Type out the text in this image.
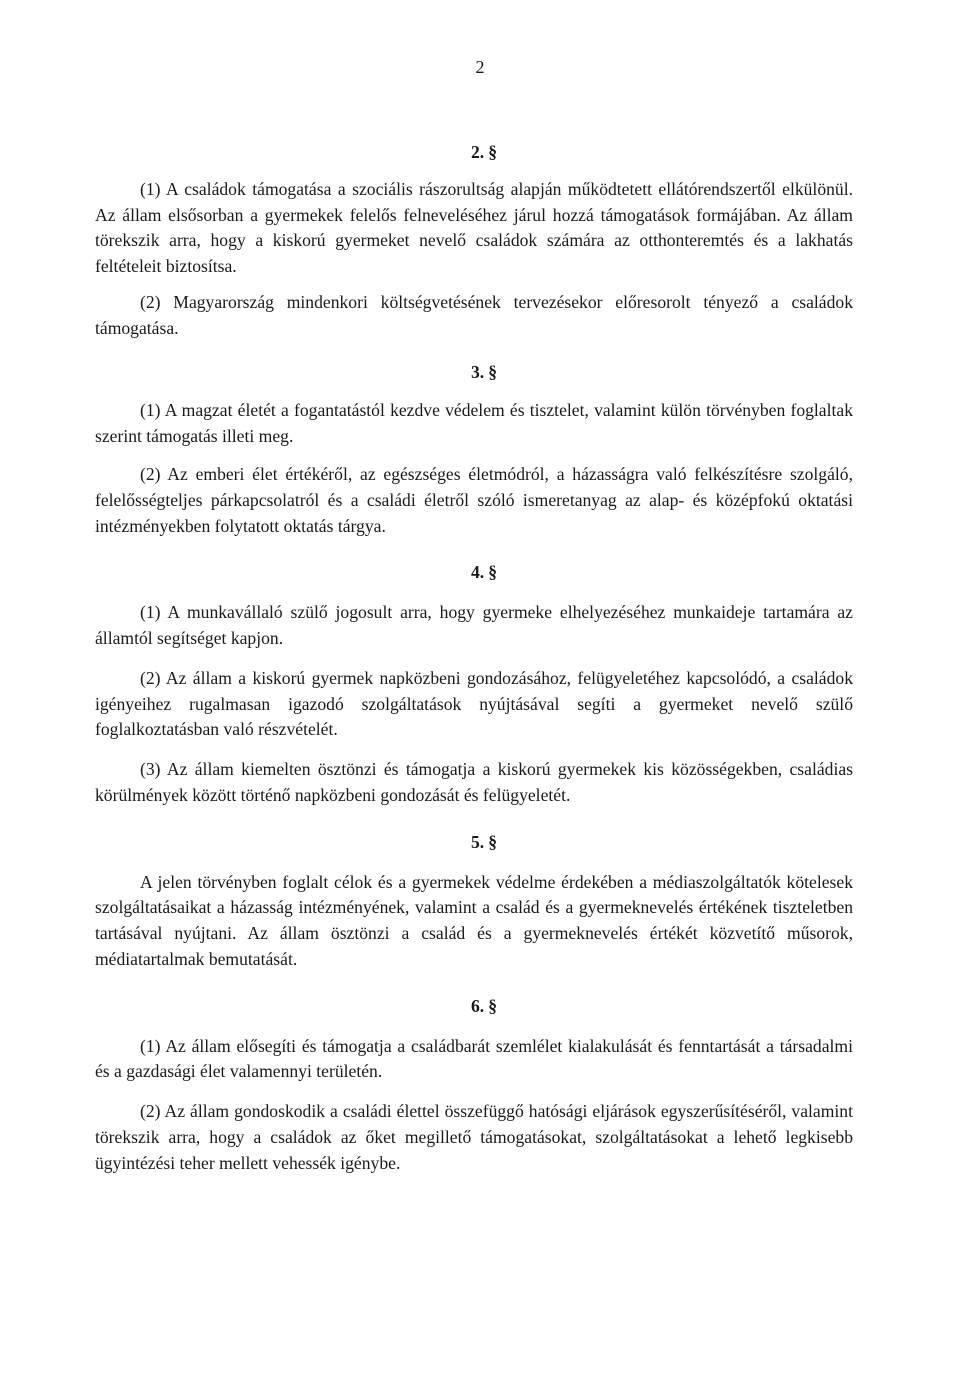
2
2. §

(1) A családok támogatása a szociális rászorultság alapján működtetett ellátórendszertől elkülönül. Az állam elsősorban a gyermekek felelős felneveléséhez járul hozzá támogatások formájában. Az állam törekszik arra, hogy a kiskorú gyermeket nevelő családok számára az otthonteremtés és a lakhatás feltételeit biztosítsa.

(2) Magyarország mindenkori költségvetésének tervezésekor előresorolt tényező a családok támogatása.

3. §

(1) A magzat életét a fogantatástól kezdve védelem és tisztelet, valamint külön törvényben foglaltak szerint támogatás illeti meg.

(2) Az emberi élet értékéről, az egészséges életmódról, a házasságra való felkészítésre szolgáló, felelősségteljes párkapcsolatról és a családi életről szóló ismeretanyag az alap- és középfokú oktatási intézményekben folytatott oktatás tárgya.

4. §

(1) A munkavállaló szülő jogosult arra, hogy gyermeke elhelyezéséhez munkaideje tartamára az államtól segítséget kapjon.

(2) Az állam a kiskorú gyermek napközbeni gondozásához, felügyeletéhez kapcsolódó, a családok igényeihez rugalmasan igazodó szolgáltatások nyújtásával segíti a gyermeket nevelő szülő foglalkoztatásban való részvételét.

(3) Az állam kiemelten ösztönzi és támogatja a kiskorú gyermekek kis közösségekben, családias körülmények között történő napközbeni gondozását és felügyeletét.

5. §

A jelen törvényben foglalt célok és a gyermekek védelme érdekében a médiaszolgáltatók kötelesek szolgáltatásaikat a házasság intézményének, valamint a család és a gyermeknevelés értékének tiszteletben tartásával nyújtani. Az állam ösztönzi a család és a gyermeknevelés értékét közvetítő műsorok, médiatartalmak bemutatását.

6. §

(1) Az állam elősegíti és támogatja a családbarát szemlélet kialakulását és fenntartását a társadalmi és a gazdasági élet valamennyi területén.

(2) Az állam gondoskodik a családi élettel összefüggő hatósági eljárások egyszerűsítéséről, valamint törekszik arra, hogy a családok az őket megillető támogatásokat, szolgáltatásokat a lehető legkisebb ügyintézési teher mellett vehessék igénybe.
